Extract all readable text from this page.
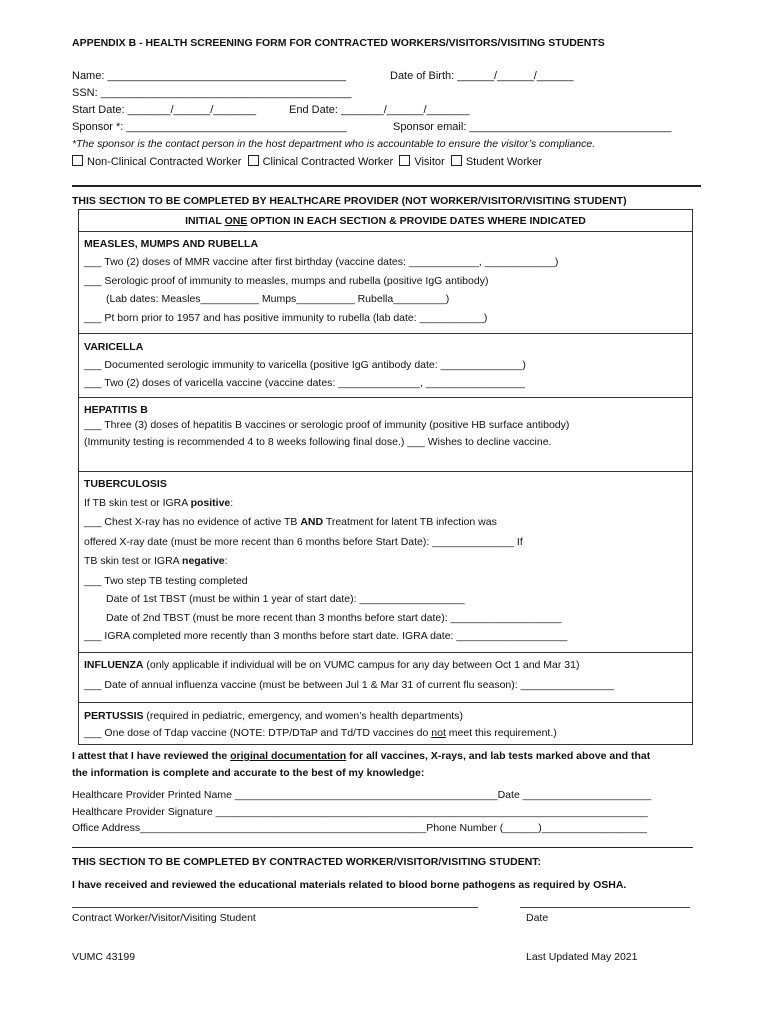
APPENDIX B - HEALTH SCREENING FORM FOR CONTRACTED WORKERS/VISITORS/VISITING STUDENTS
Name: _______________________________________	Date of Birth: ______/______/______
SSN: _________________________________________
Start Date: _______/______/_______	End Date: _______/______/_______
Sponsor *: ____________________________________	Sponsor email: _________________________________
*The sponsor is the contact person in the host department who is accountable to ensure the visitor’s compliance.
Non-Clinical Contracted Worker Clinical Contracted Worker Visitor Student Worker
THIS SECTION TO BE COMPLETED BY HEALTHCARE PROVIDER (NOT WORKER/VISITOR/VISITING STUDENT)
INITIAL ONE OPTION IN EACH SECTION & PROVIDE DATES WHERE INDICATED
MEASLES, MUMPS AND RUBELLA
___ Two (2) doses of MMR vaccine after first birthday (vaccine dates: ____________, ____________)
___ Serologic proof of immunity to measles, mumps and rubella (positive IgG antibody)
(Lab dates: Measles__________ Mumps__________ Rubella_________)
___ Pt born prior to 1957 and has positive immunity to rubella (lab date: ___________)
VARICELLA
___ Documented serologic immunity to varicella (positive IgG antibody date: ______________)
___ Two (2) doses of varicella vaccine (vaccine dates: ______________, _________________
HEPATITIS B
___ Three (3) doses of hepatitis B vaccines or serologic proof of immunity (positive HB surface antibody)
(Immunity testing is recommended 4 to 8 weeks following final dose.) ___ Wishes to decline vaccine.
TUBERCULOSIS
If TB skin test or IGRA positive:
___ Chest X-ray has no evidence of active TB AND Treatment for latent TB infection was
offered X-ray date (must be more recent than 6 months before Start Date): ______________ If
TB skin test or IGRA negative:
___ Two step TB testing completed
Date of 1st TBST (must be within 1 year of start date): __________________
Date of 2nd TBST (must be more recent than 3 months before start date): ___________________
___ IGRA completed more recently than 3 months before start date. IGRA date: ___________________
INFLUENZA (only applicable if individual will be on VUMC campus for any day between Oct 1 and Mar 31)
___ Date of annual influenza vaccine (must be between Jul 1 & Mar 31 of current flu season): ________________
PERTUSSIS (required in pediatric, emergency, and women’s health departments)
___ One dose of Tdap vaccine (NOTE: DTP/DTaP and Td/TD vaccines do not meet this requirement.)
I attest that I have reviewed the original documentation for all vaccines, X-rays, and lab tests marked above and that
the information is complete and accurate to the best of my knowledge:
Healthcare Provider Printed Name _____________________________________________Date ______________________
Healthcare Provider Signature __________________________________________________________________________
Office Address_________________________________________________Phone Number (______)__________________
THIS SECTION TO BE COMPLETED BY CONTRACTED WORKER/VISITOR/VISITING STUDENT:
I have received and reviewed the educational materials related to blood borne pathogens as required by OSHA.
Contract Worker/Visitor/Visiting Student	Date
VUMC 43199	Last Updated May 2021
